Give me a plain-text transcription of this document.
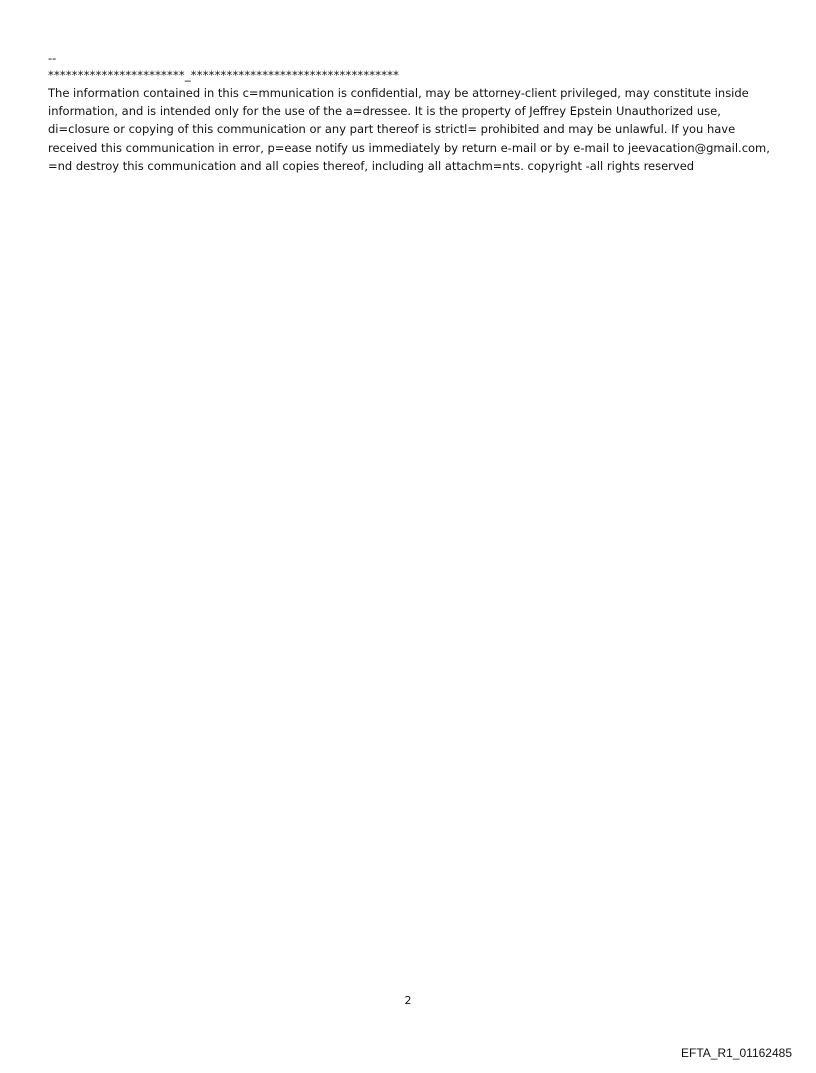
--
***********************_***********************************
The information contained in this c=mmunication is confidential, may be attorney-client privileged, may constitute inside information, and is intended only for the use of the a=dressee. It is the property of Jeffrey Epstein Unauthorized use, di=closure or copying of this communication or any part thereof is strictl= prohibited and may be unlawful. If you have received this communication in error, p=ease notify us immediately by return e-mail or by e-mail to jeevacation@gmail.com, =nd destroy this communication and all copies thereof, including all attachm=nts. copyright -all rights reserved
2
EFTA_R1_01162485
